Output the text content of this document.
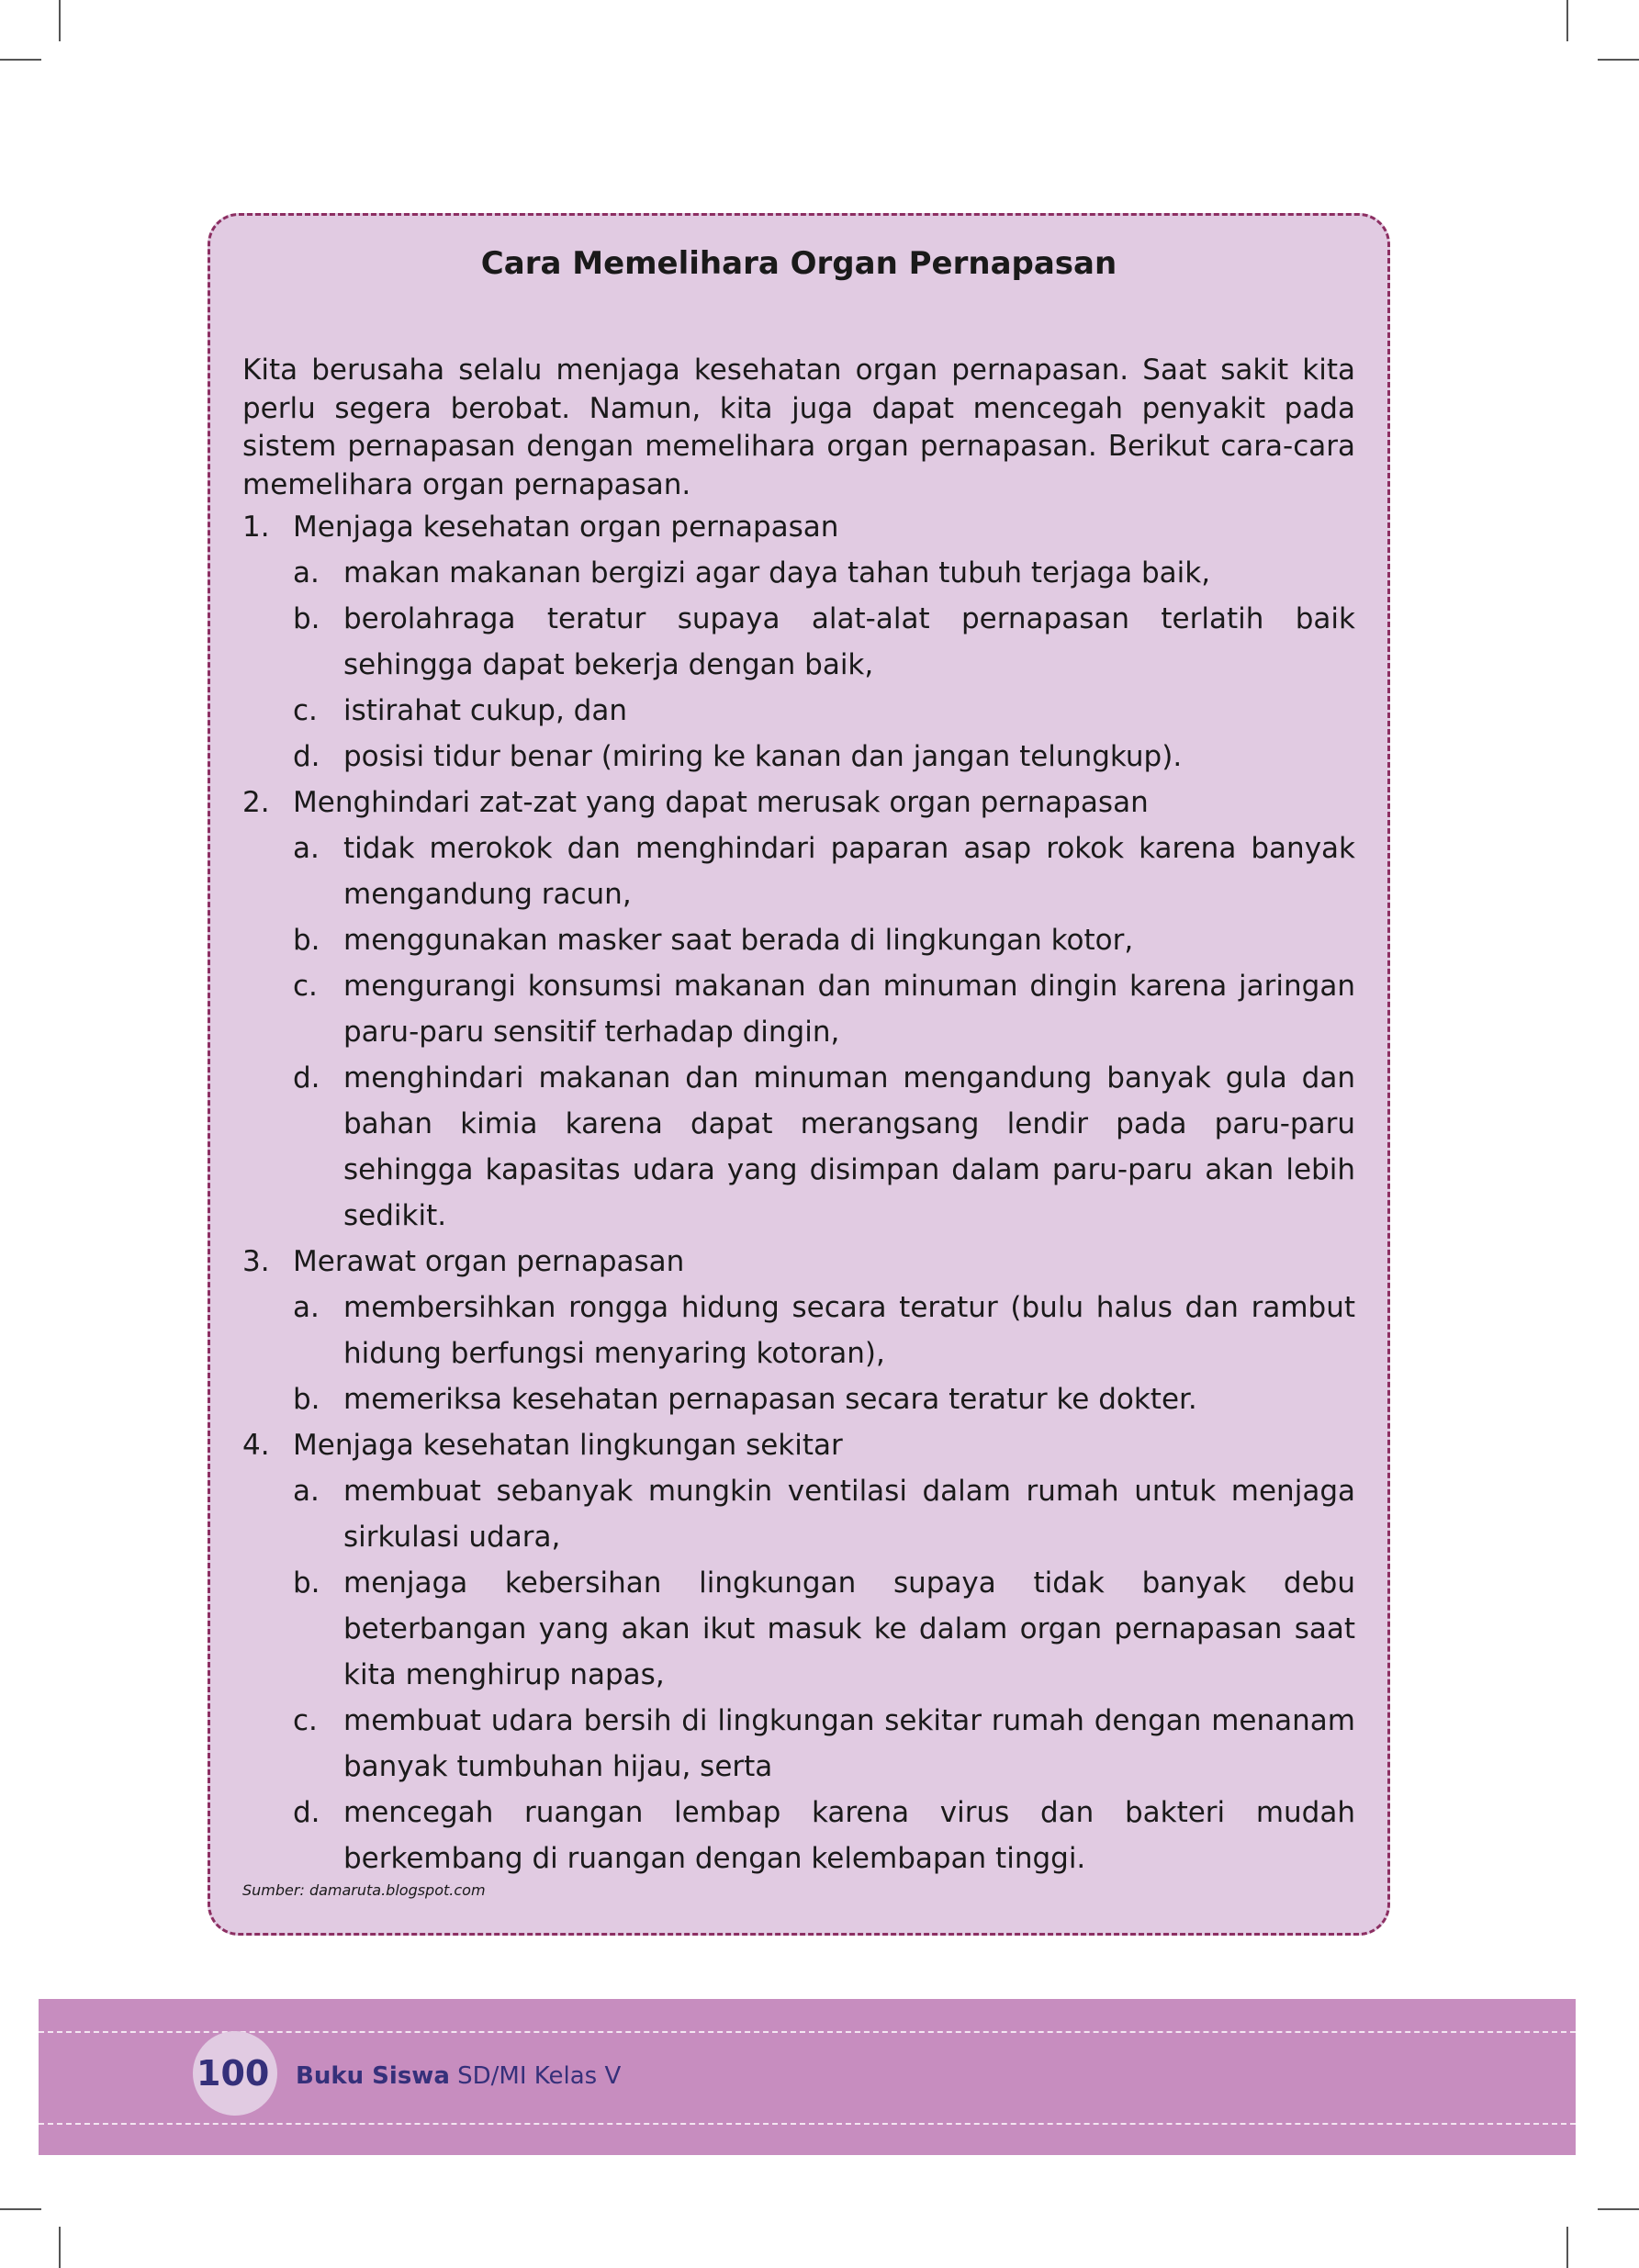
Cara Memelihara Organ Pernapasan

Kita berusaha selalu menjaga kesehatan organ pernapasan. Saat sakit kita perlu segera berobat. Namun, kita juga dapat mencegah penyakit pada sistem pernapasan dengan memelihara organ pernapasan. Berikut cara-cara memelihara organ pernapasan.

1. Menjaga kesehatan organ pernapasan
a. makan makanan bergizi agar daya tahan tubuh terjaga baik,
b. berolahraga teratur supaya alat-alat pernapasan terlatih baik sehingga dapat bekerja dengan baik,
c. istirahat cukup, dan
d. posisi tidur benar (miring ke kanan dan jangan telungkup).
2. Menghindari zat-zat yang dapat merusak organ pernapasan
a. tidak merokok dan menghindari paparan asap rokok karena banyak mengandung racun,
b. menggunakan masker saat berada di lingkungan kotor,
c. mengurangi konsumsi makanan dan minuman dingin karena jaringan paru-paru sensitif terhadap dingin,
d. menghindari makanan dan minuman mengandung banyak gula dan bahan kimia karena dapat merangsang lendir pada paru-paru sehingga kapasitas udara yang disimpan dalam paru-paru akan lebih sedikit.
3. Merawat organ pernapasan
a. membersihkan rongga hidung secara teratur (bulu halus dan rambut hidung berfungsi menyaring kotoran),
b. memeriksa kesehatan pernapasan secara teratur ke dokter.
4. Menjaga kesehatan lingkungan sekitar
a. membuat sebanyak mungkin ventilasi dalam rumah untuk menjaga sirkulasi udara,
b. menjaga kebersihan lingkungan supaya tidak banyak debu beterbangan yang akan ikut masuk ke dalam organ pernapasan saat kita menghirup napas,
c. membuat udara bersih di lingkungan sekitar rumah dengan menanam banyak tumbuhan hijau, serta
d. mencegah ruangan lembap karena virus dan bakteri mudah berkembang di ruangan dengan kelembapan tinggi.

Sumber: damaruta.blogspot.com

100 Buku Siswa SD/MI Kelas V
